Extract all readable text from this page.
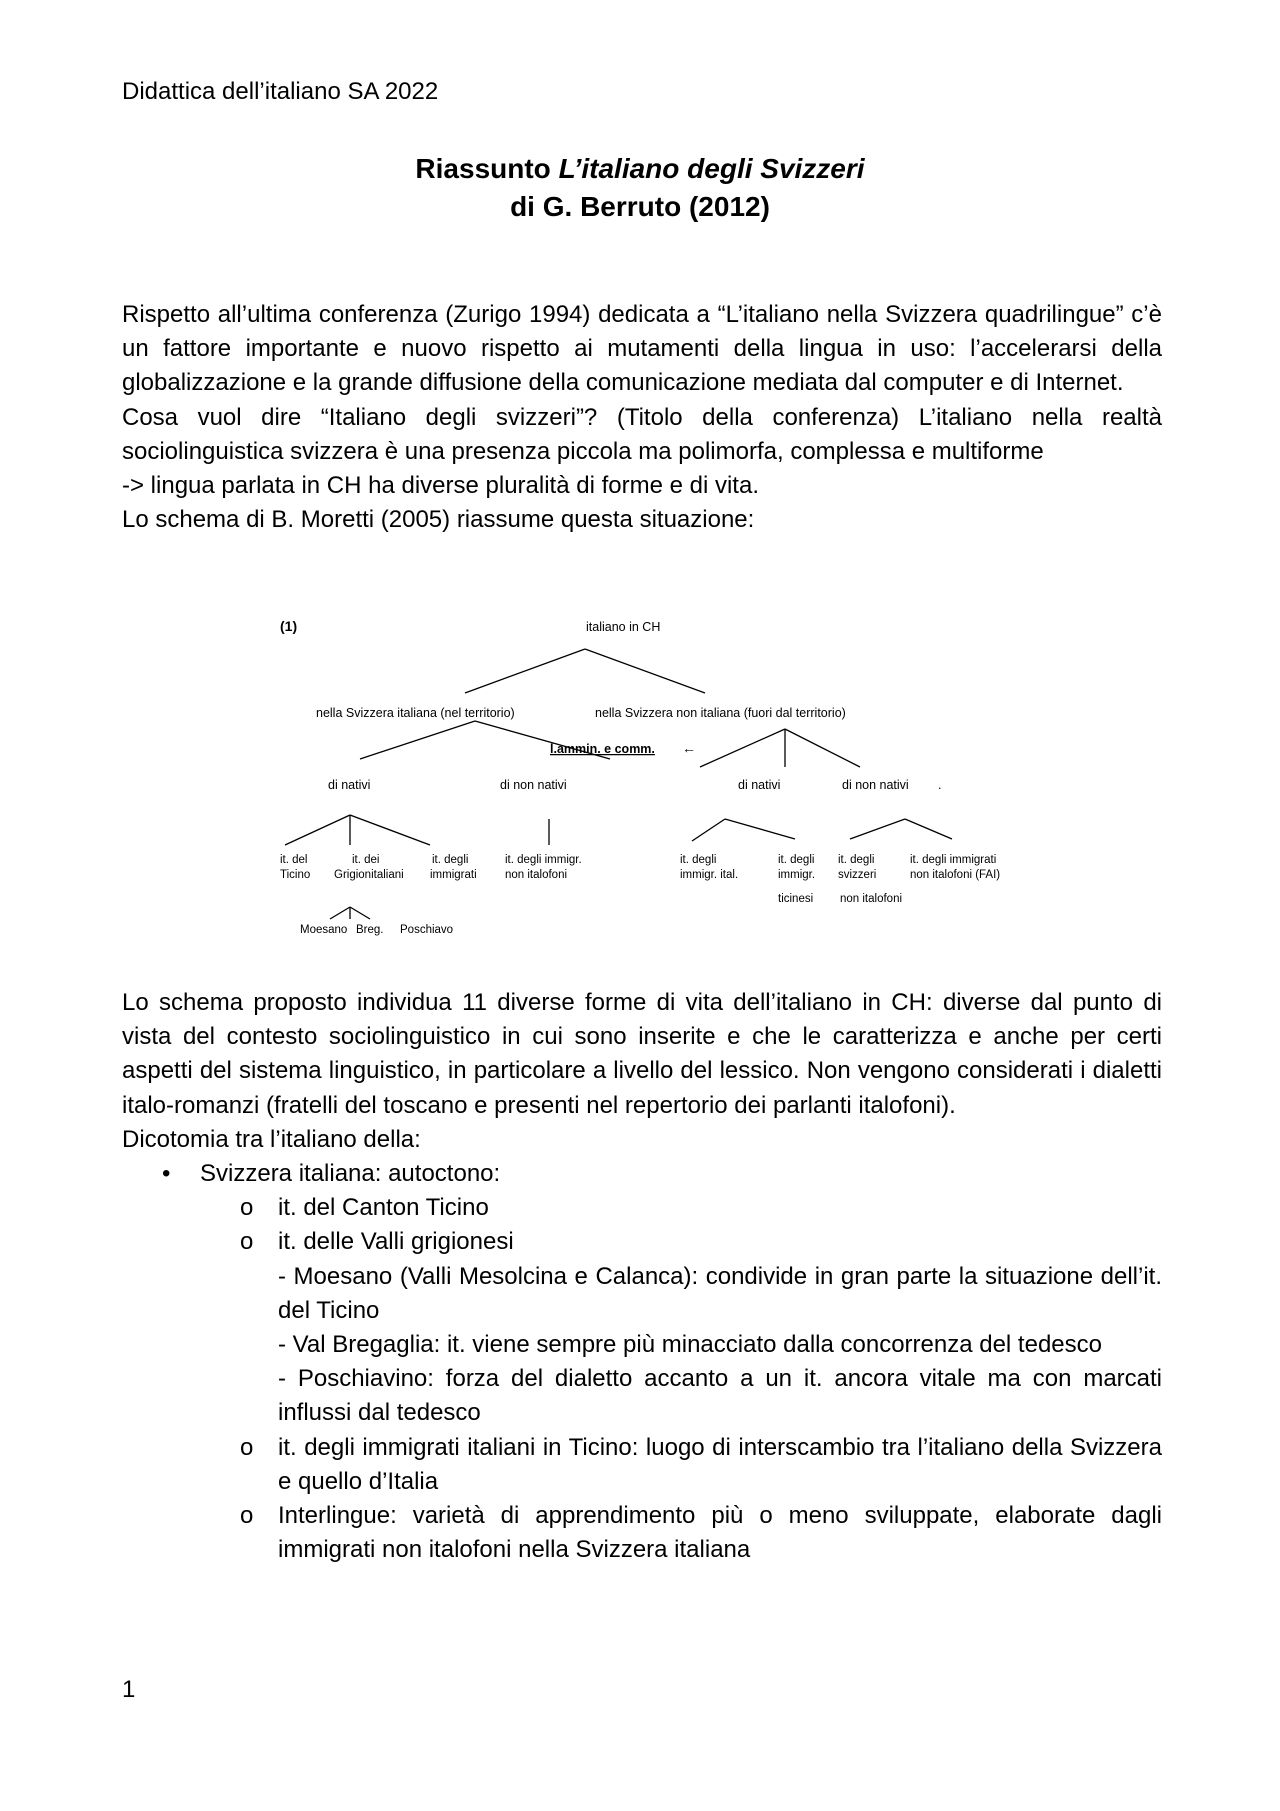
Didattica dell’italiano SA 2022
Riassunto L’italiano degli Svizzeri
di G. Berruto (2012)

Rispetto all’ultima conferenza (Zurigo 1994) dedicata a “L’italiano nella Svizzera quadrilingue” c’è un fattore importante e nuovo rispetto ai mutamenti della lingua in uso: l’accelerarsi della globalizzazione e la grande diffusione della comunicazione mediata dal computer e di Internet.

Cosa vuol dire “Italiano degli svizzeri”? (Titolo della conferenza) L’italiano nella realtà sociolinguistica svizzera è una presenza piccola ma polimorfa, complessa e multiforme

-> lingua parlata in CH ha diverse pluralità di forme e di vita.

Lo schema di B. Moretti (2005) riassume questa situazione:

(1)	italiano in CH
nella Svizzera italiana (nel territorio)	nella Svizzera non italiana (fuori dal territorio)
l.ammin. e comm. ←
di nativi	di non nativi	di nativi	di non nativi .
it. del
Ticino
it. dei
Grigionitaliani
it. degli
immigrati
it. degli immigr.
non italofoni
it. degli
immigr. ital.
it. degli
immigr.
ticinesi
it. degli
svizzeri
non italofoni
it. degli immigrati
non italofoni (FAI)
Moesano Breg. Poschiavo

Lo schema proposto individua 11 diverse forme di vita dell’italiano in CH: diverse dal punto di vista del contesto sociolinguistico in cui sono inserite e che le caratterizza e anche per certi aspetti del sistema linguistico, in particolare a livello del lessico. Non vengono considerati i dialetti italo-romanzi (fratelli del toscano e presenti nel repertorio dei parlanti italofoni).

Dicotomia tra l’italiano della:

• Svizzera italiana: autoctono:
o it. del Canton Ticino
o it. delle Valli grigionesi
- Moesano (Valli Mesolcina e Calanca): condivide in gran parte la situazione dell’it. del Ticino
- Val Bregaglia: it. viene sempre più minacciato dalla concorrenza del tedesco
- Poschiavino: forza del dialetto accanto a un it. ancora vitale ma con marcati influssi dal tedesco
o it. degli immigrati italiani in Ticino: luogo di interscambio tra l’italiano della Svizzera e quello d’Italia
o Interlingue: varietà di apprendimento più o meno sviluppate, elaborate dagli immigrati non italofoni nella Svizzera italiana
1
